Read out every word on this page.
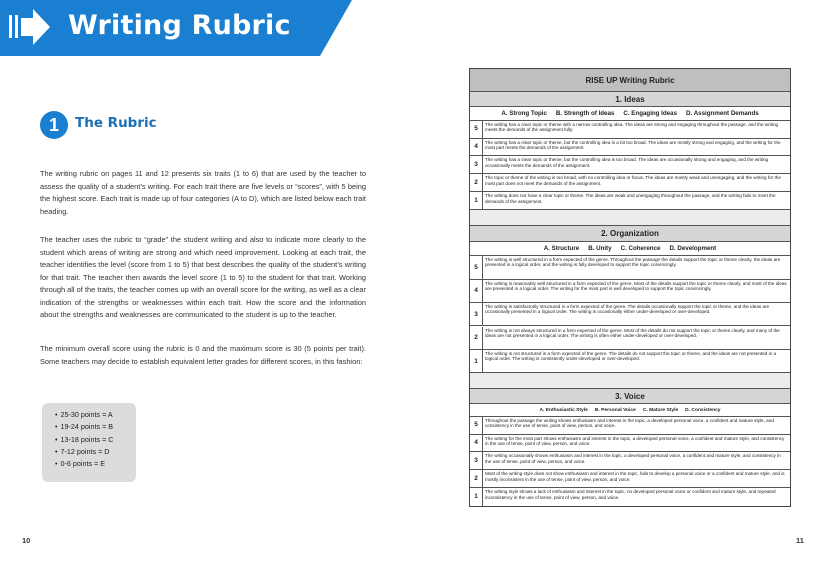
Writing Rubric
1	The Rubric

The writing rubric on pages 11 and 12 presents six traits (1 to 6) that are used by the teacher to assess the quality of a student’s writing. For each trait there are five levels or “scores”, with 5 being the highest score. Each trait is made up of four categories (A to D), which are listed below each trait heading.

The teacher uses the rubric to “grade” the student writing and also to indicate more clearly to the student which areas of writing are strong and which need improvement. Looking at each trait, the teacher identifies the level (score from 1 to 5) that best describes the quality of the student’s writing for that trait. The teacher then awards the level score (1 to 5) to the student for that trait. Working through all of the traits, the teacher comes up with an overall score for the writing, as well as a clear indication of the strengths or weaknesses within each trait. How the score and the information about the strengths and weaknesses are communicated to the student is up to the teacher.

The minimum overall score using the rubric is 0 and the maximum score is 30 (5 points per trait). Some teachers may decide to establish equivalent letter grades for different scores, in this fashion:

• 25-30 points = A
• 19-24 points = B
• 13-18 points = C
• 7-12 points = D
• 0-6 points = E
10	11
RISE UP Writing Rubric
1. Ideas
A. Strong Topic B. Strength of Ideas C. Engaging Ideas D. Assignment Demands
5
The writing has a clear topic or theme with a narrow controlling idea. The ideas are strong and engaging throughout the passage, and the writing meets the demands of the assignment fully.
4
The writing has a clear topic or theme, but the controlling idea is a bit too broad. The ideas are mostly strong and engaging, and the writing for the most part meets the demands of the assignment.
3
The writing has a clear topic or theme, but the controlling idea is too broad. The ideas are occasionally strong and engaging, and the writing occasionally meets the demands of the assignment.
2
The topic or theme of the writing is too broad, with no controlling idea or focus. The ideas are mostly weak and unengaging, and the writing for the most part does not meet the demands of the assignment.
1
The writing does not have a clear topic or theme. The ideas are weak and unengaging throughout the passage, and the writing fails to meet the demands of the assignment.
2. Organization
A. Structure B. Unity C. Coherence D. Development
5
The writing is well structured in a form expected of the genre. Throughout the passage the details support the topic or theme clearly, the ideas are presented in a logical order, and the writing is fully developed to support the topic convincingly.
4
The writing is reasonably well structured in a form expected of the genre. Most of the details support the topic or theme clearly, and most of the ideas are presented in a logical order. The writing for the most part is well developed to support the topic convincingly.
3
The writing is satisfactorily structured in a form expected of the genre. The details occasionally support the topic or theme, and the ideas are occasionally presented in a logical order. The writing is occasionally either under-developed or over-developed.
2
The writing is not always structured in a form expected of the genre. Most of the details do not support the topic or theme clearly, and many of the ideas are not presented in a logical order. The writing is often either under-developed or over-developed.
1
The writing is not structured in a form expected of the genre. The details do not support the topic or theme, and the ideas are not presented in a logical order. The writing is consistently under-developed or over-developed.
3. Voice
A. Enthusiastic Style B. Personal Voice C. Mature Style D. Consistency
5
Throughout the passage the writing shows enthusiasm and interest in the topic, a developed personal voice, a confident and mature style, and consistency in the use of tense, point of view, person, and voice.
4
The writing for the most part shows enthusiasm and interest in the topic, a developed personal voice, a confident and mature style, and consistency in the use of tense, point of view, person, and voice.
3
The writing occasionally shows enthusiasm and interest in the topic, a developed personal voice, a confident and mature style, and consistency in the use of tense, point of view, person, and voice.
2
Most of the writing style does not show enthusiasm and interest in the topic, fails to develop a personal voice or a confident and mature style, and is mostly inconsistent in the use of tense, point of view, person, and voice.
1
The writing style shows a lack of enthusiasm and interest in the topic, no developed personal voice or confident and mature style, and repeated inconsistency in the use of tense, point of view, person, and voice.
